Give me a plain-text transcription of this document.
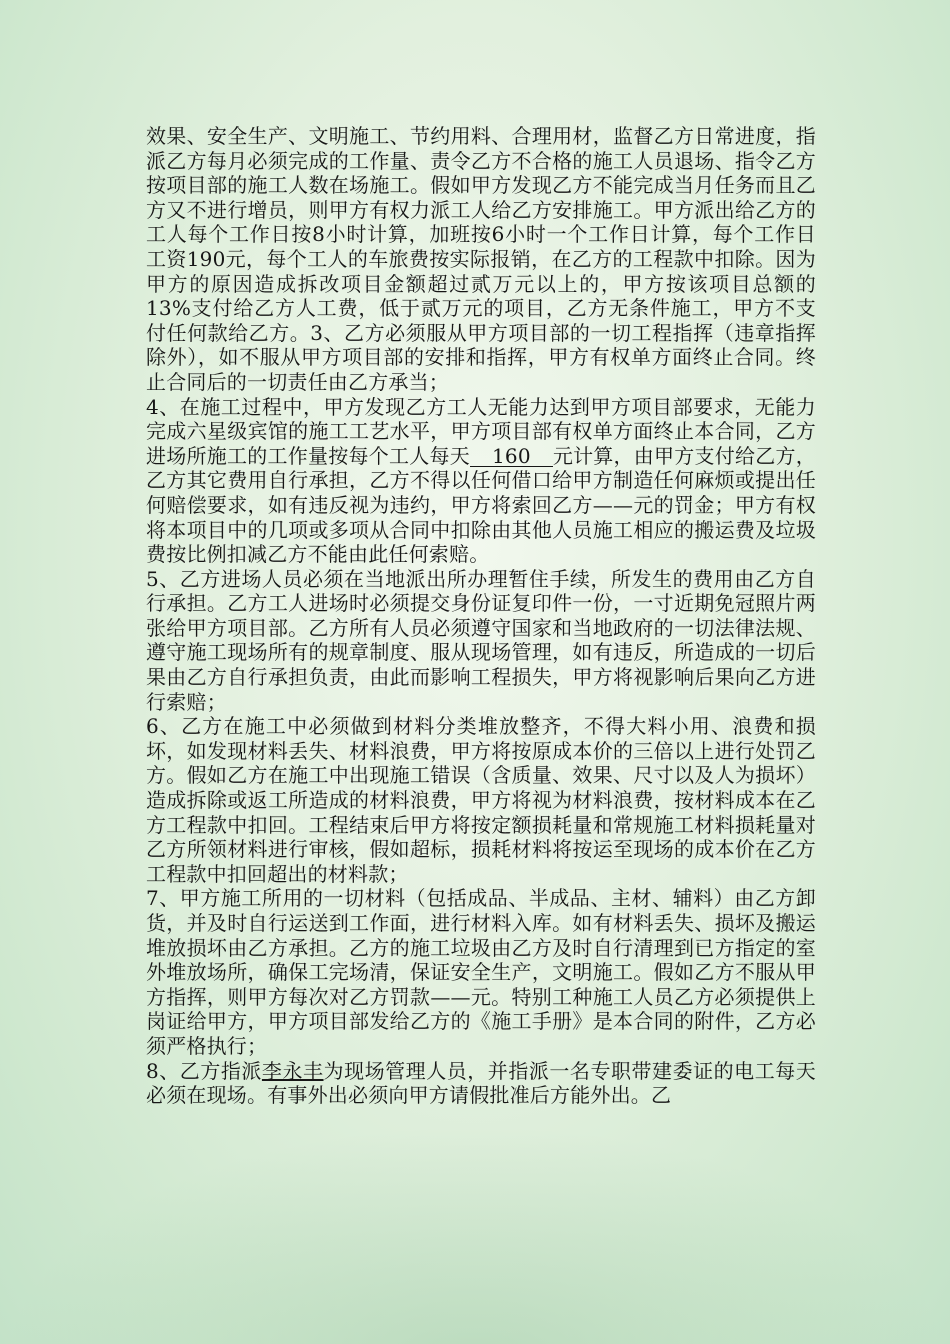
效果、安全生产、文明施工、节约用料、合理用材，监督乙方日常进度，指派乙方每月必须完成的工作量、责令乙方不合格的施工人员退场、指令乙方按项目部的施工人数在场施工。假如甲方发现乙方不能完成当月任务而且乙方又不进行增员，则甲方有权力派工人给乙方安排施工。甲方派出给乙方的工人每个工作日按8小时计算，加班按6小时一个工作日计算，每个工作日工资190元，每个工人的车旅费按实际报销，在乙方的工程款中扣除。因为甲方的原因造成拆改项目金额超过贰万元以上的，甲方按该项目总额的13%支付给乙方人工费，低于贰万元的项目，乙方无条件施工，甲方不支付任何款给乙方。3、乙方必须服从甲方项目部的一切工程指挥（违章指挥除外），如不服从甲方项目部的安排和指挥，甲方有权单方面终止合同。终止合同后的一切责任由乙方承当；

4、在施工过程中，甲方发现乙方工人无能力达到甲方项目部要求，无能力完成六星级宾馆的施工工艺水平，甲方项目部有权单方面终止本合同，乙方进场所施工的工作量按每个工人每天 160 元计算，由甲方支付给乙方，乙方其它费用自行承担，乙方不得以任何借口给甲方制造任何麻烦或提出任何赔偿要求，如有违反视为违约，甲方将索回乙方——元的罚金；甲方有权将本项目中的几项或多项从合同中扣除由其他人员施工相应的搬运费及垃圾费按比例扣减乙方不能由此任何索赔。

5、乙方进场人员必须在当地派出所办理暂住手续，所发生的费用由乙方自行承担。乙方工人进场时必须提交身份证复印件一份，一寸近期免冠照片两张给甲方项目部。乙方所有人员必须遵守国家和当地政府的一切法律法规、遵守施工现场所有的规章制度、服从现场管理，如有违反，所造成的一切后果由乙方自行承担负责，由此而影响工程损失，甲方将视影响后果向乙方进行索赔；

6、乙方在施工中必须做到材料分类堆放整齐，不得大料小用、浪费和损坏，如发现材料丢失、材料浪费，甲方将按原成本价的三倍以上进行处罚乙方。假如乙方在施工中出现施工错误（含质量、效果、尺寸以及人为损坏）造成拆除或返工所造成的材料浪费，甲方将视为材料浪费，按材料成本在乙方工程款中扣回。工程结束后甲方将按定额损耗量和常规施工材料损耗量对乙方所领材料进行审核，假如超标，损耗材料将按运至现场的成本价在乙方工程款中扣回超出的材料款；

7、甲方施工所用的一切材料（包括成品、半成品、主材、辅料）由乙方卸货，并及时自行运送到工作面，进行材料入库。如有材料丢失、损坏及搬运堆放损坏由乙方承担。乙方的施工垃圾由乙方及时自行清理到已方指定的室外堆放场所，确保工完场清，保证安全生产，文明施工。假如乙方不服从甲方指挥，则甲方每次对乙方罚款——元。特别工种施工人员乙方必须提供上岗证给甲方，甲方项目部发给乙方的《施工手册》是本合同的附件，乙方必须严格执行；

8、乙方指派李永丰为现场管理人员，并指派一名专职带建委证的电工每天必须在现场。有事外出必须向甲方请假批准后方能外出。乙
